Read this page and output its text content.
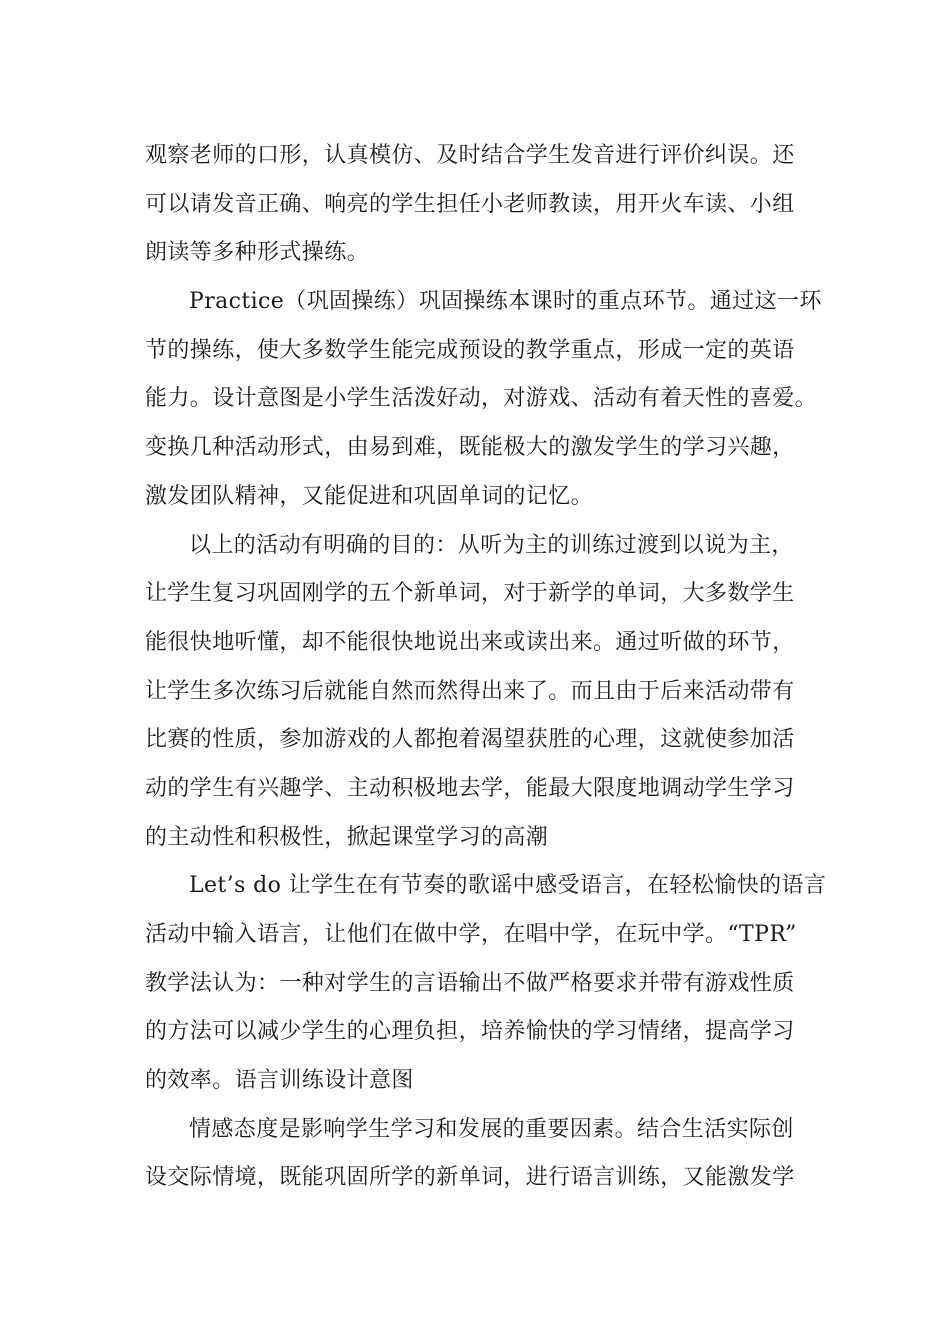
观察老师的口形，认真模仿、及时结合学生发音进行评价纠误。还
可以请发音正确、响亮的学生担任小老师教读，用开火车读、小组
朗读等多种形式操练。
Practice（巩固操练）巩固操练本课时的重点环节。通过这一环
节的操练，使大多数学生能完成预设的教学重点，形成一定的英语
能力。设计意图是小学生活泼好动，对游戏、活动有着天性的喜爱。
变换几种活动形式，由易到难，既能极大的激发学生的学习兴趣，
激发团队精神，又能促进和巩固单词的记忆。
以上的活动有明确的目的：从听为主的训练过渡到以说为主，
让学生复习巩固刚学的五个新单词，对于新学的单词，大多数学生
能很快地听懂，却不能很快地说出来或读出来。通过听做的环节，
让学生多次练习后就能自然而然得出来了。而且由于后来活动带有
比赛的性质，参加游戏的人都抱着渴望获胜的心理，这就使参加活
动的学生有兴趣学、主动积极地去学，能最大限度地调动学生学习
的主动性和积极性，掀起课堂学习的高潮
Let’s do 让学生在有节奏的歌谣中感受语言，在轻松愉快的语言
活动中输入语言，让他们在做中学，在唱中学，在玩中学。“TPR”
教学法认为：一种对学生的言语输出不做严格要求并带有游戏性质
的方法可以减少学生的心理负担，培养愉快的学习情绪，提高学习
的效率。语言训练设计意图
情感态度是影响学生学习和发展的重要因素。结合生活实际创
设交际情境，既能巩固所学的新单词，进行语言训练，又能激发学
